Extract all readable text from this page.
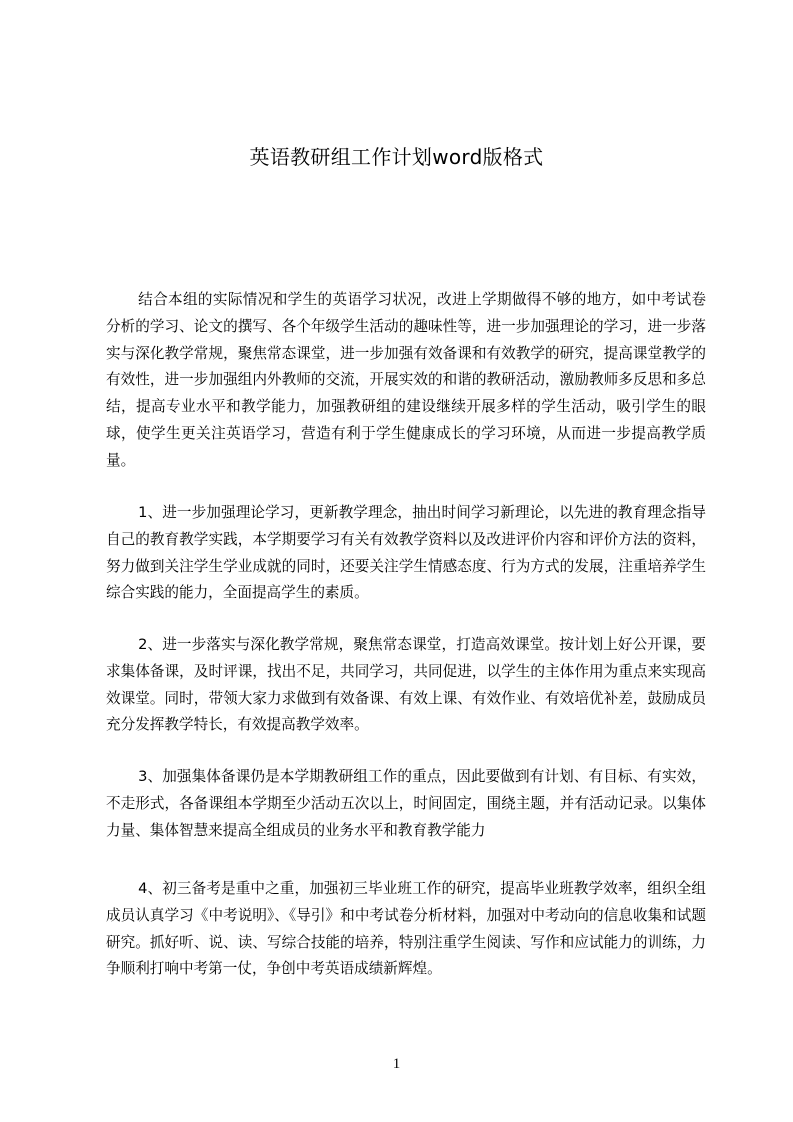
英语教研组工作计划word版格式

结合本组的实际情况和学生的英语学习状况，改进上学期做得不够的地方，如中考试卷分析的学习、论文的撰写、各个年级学生活动的趣味性等，进一步加强理论的学习，进一步落实与深化教学常规，聚焦常态课堂，进一步加强有效备课和有效教学的研究，提高课堂教学的有效性，进一步加强组内外教师的交流，开展实效的和谐的教研活动，激励教师多反思和多总结，提高专业水平和教学能力，加强教研组的建设继续开展多样的学生活动，吸引学生的眼球，使学生更关注英语学习，营造有利于学生健康成长的学习环境，从而进一步提高教学质量。

1、进一步加强理论学习，更新教学理念，抽出时间学习新理论，以先进的教育理念指导自己的教育教学实践，本学期要学习有关有效教学资料以及改进评价内容和评价方法的资料，努力做到关注学生学业成就的同时，还要关注学生情感态度、行为方式的发展，注重培养学生综合实践的能力，全面提高学生的素质。

2、进一步落实与深化教学常规，聚焦常态课堂，打造高效课堂。按计划上好公开课，要求集体备课，及时评课，找出不足，共同学习，共同促进，以学生的主体作用为重点来实现高效课堂。同时，带领大家力求做到有效备课、有效上课、有效作业、有效培优补差，鼓励成员充分发挥教学特长，有效提高教学效率。

3、加强集体备课仍是本学期教研组工作的重点，因此要做到有计划、有目标、有实效，不走形式，各备课组本学期至少活动五次以上，时间固定，围绕主题，并有活动记录。以集体力量、集体智慧来提高全组成员的业务水平和教育教学能力

4、初三备考是重中之重，加强初三毕业班工作的研究，提高毕业班教学效率，组织全组成员认真学习《中考说明》、《导引》和中考试卷分析材料，加强对中考动向的信息收集和试题研究。抓好听、说、读、写综合技能的培养，特别注重学生阅读、写作和应试能力的训练，力争顺利打响中考第一仗，争创中考英语成绩新辉煌。

1
